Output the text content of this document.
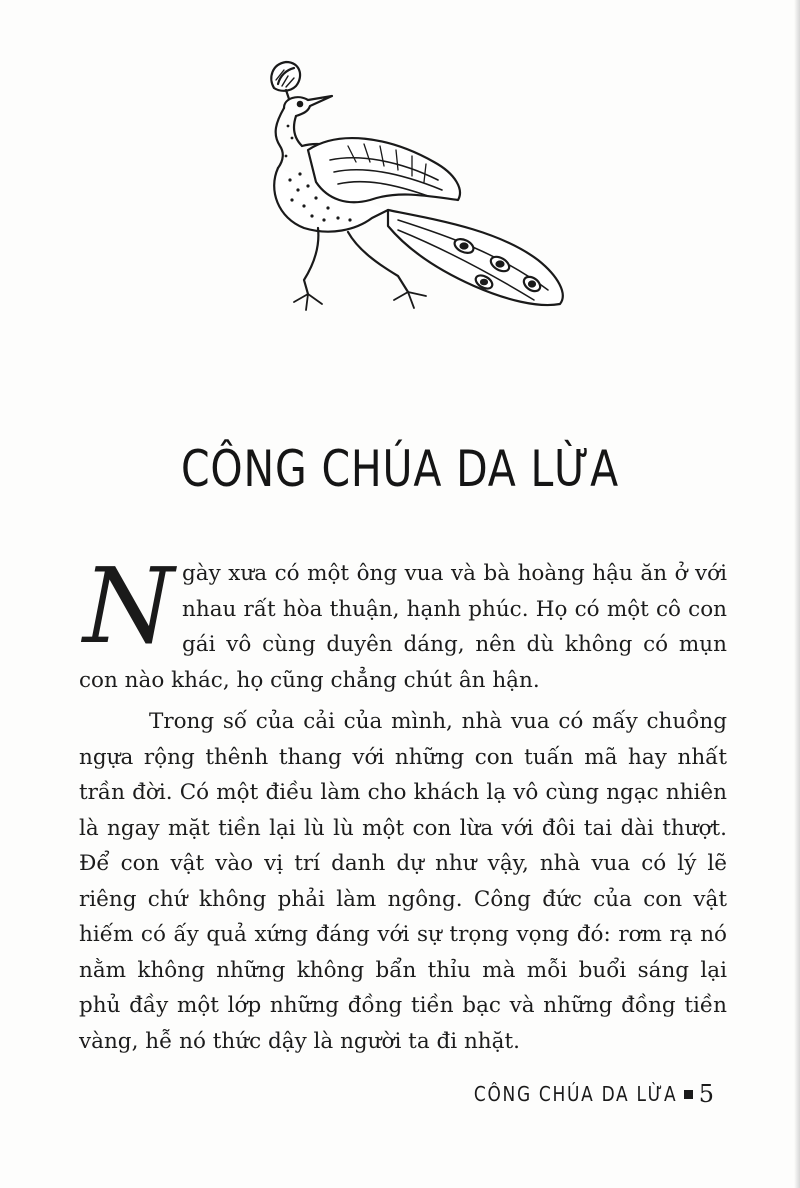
CÔNG CHÚA DA LỪA

Ngày xưa có một ông vua và bà hoàng hậu ăn ở với nhau rất hòa thuận, hạnh phúc. Họ có một cô con gái vô cùng duyên dáng, nên dù không có mụn con nào khác, họ cũng chẳng chút ân hận.

Trong số của cải của mình, nhà vua có mấy chuồng ngựa rộng thênh thang với những con tuấn mã hay nhất trần đời. Có một điều làm cho khách lạ vô cùng ngạc nhiên là ngay mặt tiền lại lù lù một con lừa với đôi tai dài thượt. Để con vật vào vị trí danh dự như vậy, nhà vua có lý lẽ riêng chứ không phải làm ngông. Công đức của con vật hiếm có ấy quả xứng đáng với sự trọng vọng đó: rơm rạ nó nằm không những không bẩn thỉu mà mỗi buổi sáng lại phủ đầy một lớp những đồng tiền bạc và những đồng tiền vàng, hễ nó thức dậy là người ta đi nhặt.

CÔNG CHÚA DA LỪA 5
